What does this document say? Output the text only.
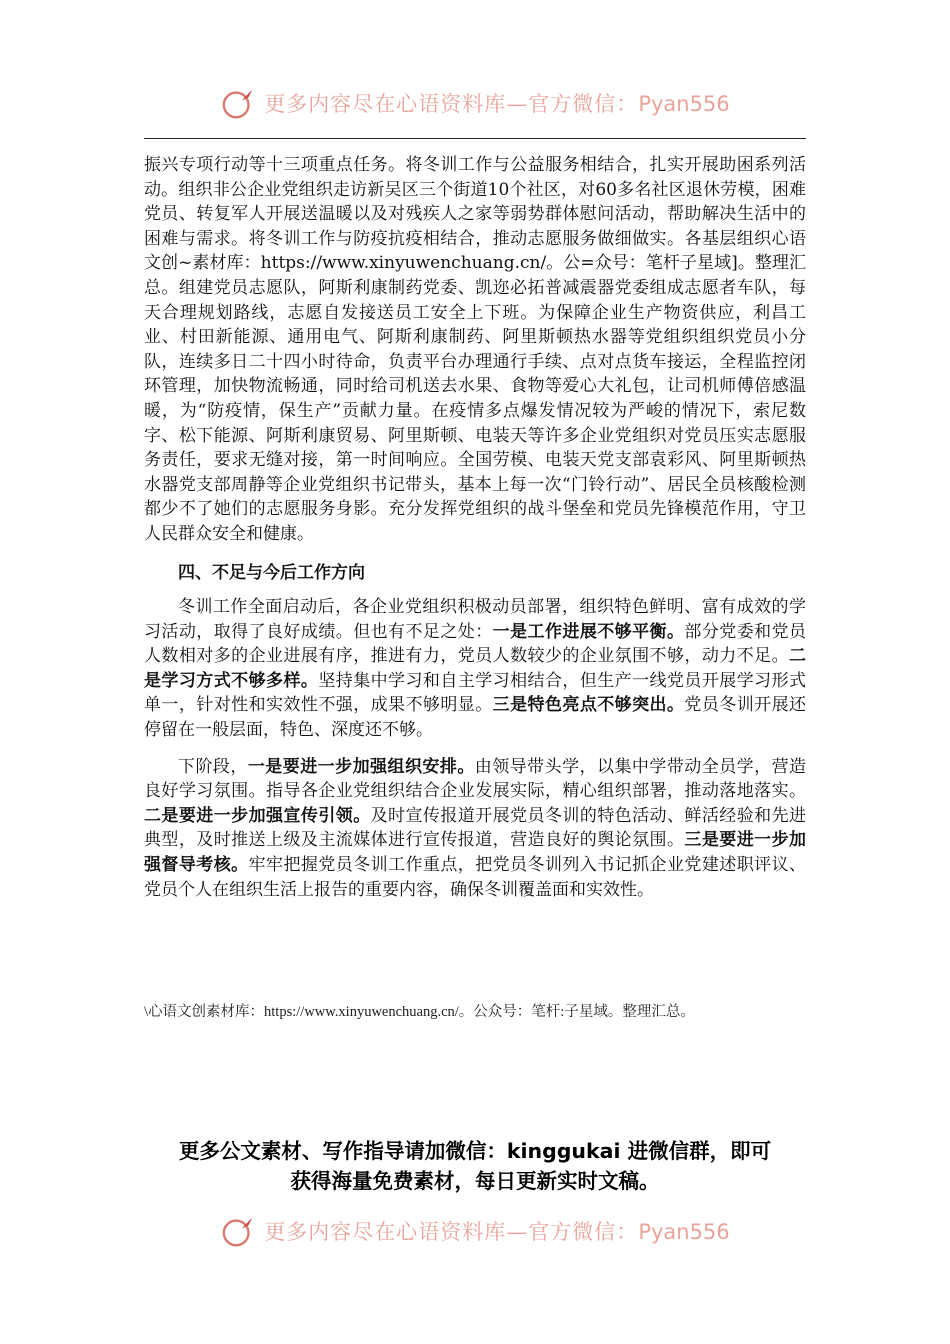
更多内容尽在心语资料库—官方微信：Pyan556

振兴专项行动等十三项重点任务。将冬训工作与公益服务相结合，扎实开展助困系列活动。组织非公企业党组织走访新吴区三个街道10个社区，对60多名社区退休劳模，困难党员、转复军人开展送温暖以及对残疾人之家等弱势群体慰问活动，帮助解决生活中的困难与需求。将冬训工作与防疫抗疫相结合，推动志愿服务做细做实。各基层组织心语文创~素材库：https://www.xinyuwenchuang.cn/。公=众号：笔杆子星域]。整理汇总。组建党员志愿队，阿斯利康制药党委、凯迩必拓普减震器党委组成志愿者车队，每天合理规划路线，志愿自发接送员工安全上下班。为保障企业生产物资供应，利昌工业、村田新能源、通用电气、阿斯利康制药、阿里斯顿热水器等党组织组织党员小分队，连续多日二十四小时待命，负责平台办理通行手续、点对点货车接运，全程监控闭环管理，加快物流畅通，同时给司机送去水果、食物等爱心大礼包，让司机师傅倍感温暖，为“防疫情，保生产”贡献力量。在疫情多点爆发情况较为严峻的情况下，索尼数字、松下能源、阿斯利康贸易、阿里斯顿、电装天等许多企业党组织对党员压实志愿服务责任，要求无缝对接，第一时间响应。全国劳模、电装天党支部袁彩风、阿里斯顿热水器党支部周静等企业党组织书记带头，基本上每一次“门铃行动”、居民全员核酸检测都少不了她们的志愿服务身影。充分发挥党组织的战斗堡垒和党员先锋模范作用，守卫人民群众安全和健康。

四、不足与今后工作方向

冬训工作全面启动后，各企业党组织积极动员部署，组织特色鲜明、富有成效的学习活动，取得了良好成绩。但也有不足之处：一是工作进展不够平衡。部分党委和党员人数相对多的企业进展有序，推进有力，党员人数较少的企业氛围不够，动力不足。二是学习方式不够多样。坚持集中学习和自主学习相结合，但生产一线党员开展学习形式单一，针对性和实效性不强，成果不够明显。三是特色亮点不够突出。党员冬训开展还停留在一般层面，特色、深度还不够。

下阶段，一是要进一步加强组织安排。由领导带头学，以集中学带动全员学，营造良好学习氛围。指导各企业党组织结合企业发展实际，精心组织部署，推动落地落实。二是要进一步加强宣传引领。及时宣传报道开展党员冬训的特色活动、鲜活经验和先进典型，及时推送上级及主流媒体进行宣传报道，营造良好的舆论氛围。三是要进一步加强督导考核。牢牢把握党员冬训工作重点，把党员冬训列入书记抓企业党建述职评议、党员个人在组织生活上报告的重要内容，确保冬训覆盖面和实效性。

\心语文创素材库：https://www.xinyuwenchuang.cn/。公众号：笔杆:子星域。整理汇总。
更多公文素材、写作指导请加微信：kinggukai 进微信群，即可
获得海量免费素材，每日更新实时文稿。
更多内容尽在心语资料库—官方微信：Pyan556
